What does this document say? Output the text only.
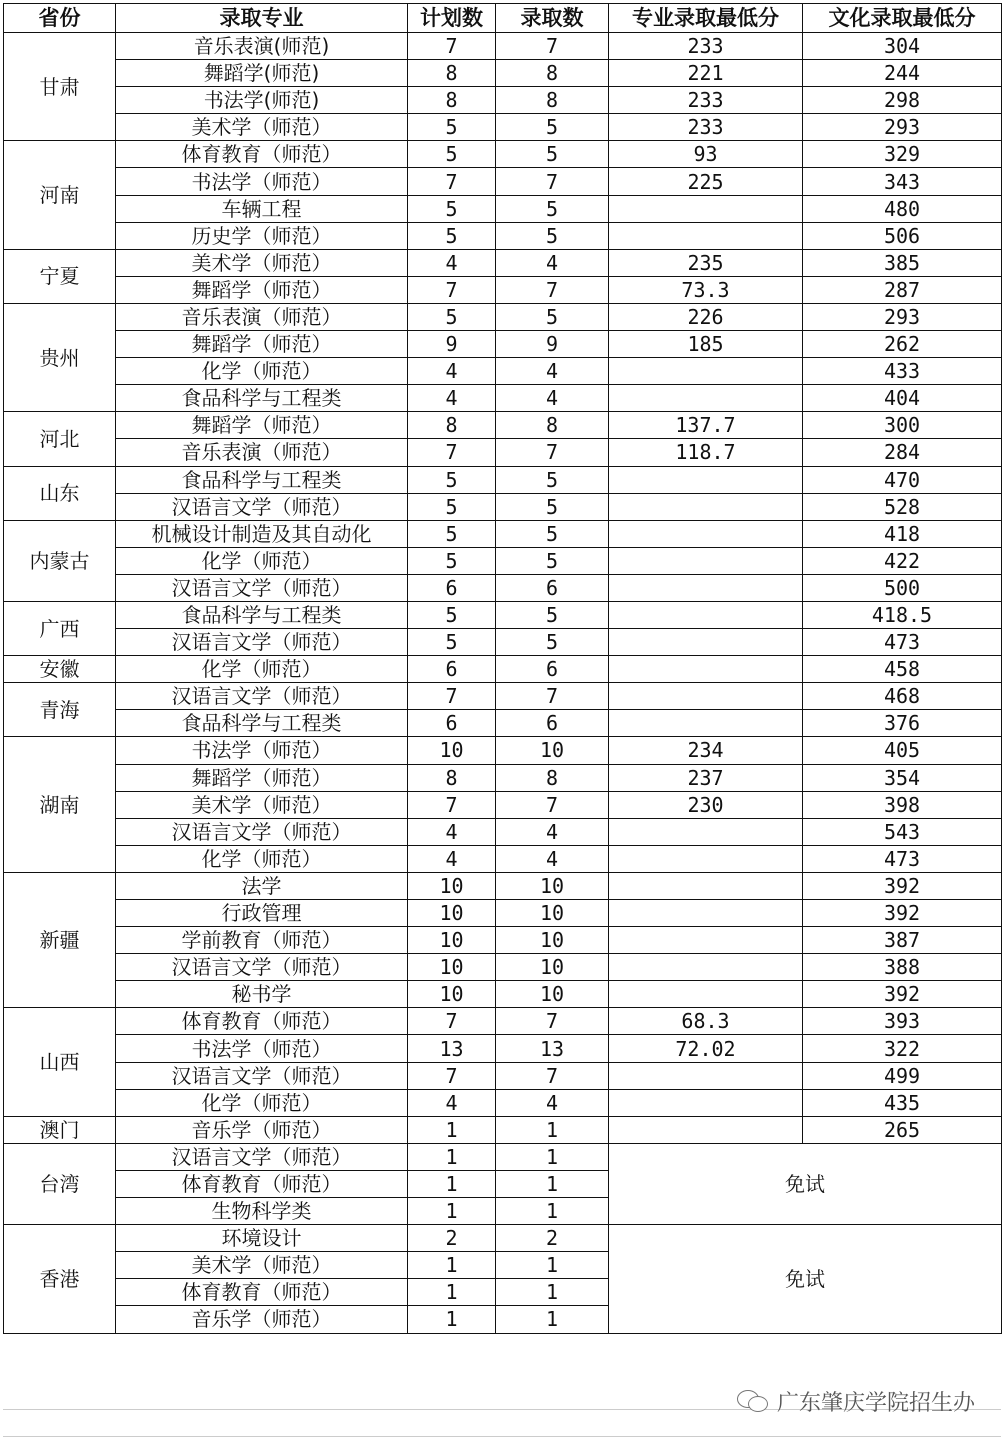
省份	录取专业	计划数	录取数	专业录取最低分	文化录取最低分
甘肃	音乐表演(师范)	7	7	233	304
	舞蹈学(师范)	8	8	221	244
	书法学(师范)	8	8	233	298
	美术学（师范）	5	5	233	293
河南	体育教育（师范）	5	5	93	329
	书法学（师范）	7	7	225	343
	车辆工程	5	5		480
	历史学（师范）	5	5		506
宁夏	美术学（师范）	4	4	235	385
	舞蹈学（师范）	7	7	73.3	287
贵州	音乐表演（师范）	5	5	226	293
	舞蹈学（师范）	9	9	185	262
	化学（师范）	4	4		433
	食品科学与工程类	4	4		404
河北	舞蹈学（师范）	8	8	137.7	300
	音乐表演（师范）	7	7	118.7	284
山东	食品科学与工程类	5	5		470
	汉语言文学（师范）	5	5		528
内蒙古	机械设计制造及其自动化	5	5		418
	化学（师范）	5	5		422
	汉语言文学（师范）	6	6		500
广西	食品科学与工程类	5	5		418.5
	汉语言文学（师范）	5	5		473
安徽	化学（师范）	6	6		458
青海	汉语言文学（师范）	7	7		468
	食品科学与工程类	6	6		376
湖南	书法学（师范）	10	10	234	405
	舞蹈学（师范）	8	8	237	354
	美术学（师范）	7	7	230	398
	汉语言文学（师范）	4	4		543
	化学（师范）	4	4		473
新疆	法学	10	10		392
	行政管理	10	10		392
	学前教育（师范）	10	10		387
	汉语言文学（师范）	10	10		388
	秘书学	10	10		392
山西	体育教育（师范）	7	7	68.3	393
	书法学（师范）	13	13	72.02	322
	汉语言文学（师范）	7	7		499
	化学（师范）	4	4		435
澳门	音乐学（师范）	1	1		265
台湾	汉语言文学（师范）	1	1	免试	
	体育教育（师范）	1	1		
	生物科学类	1	1		
香港	环境设计	2	2	免试	
	美术学（师范）	1	1		
	体育教育（师范）	1	1		
	音乐学（师范）	1	1		
广东肇庆学院招生办
